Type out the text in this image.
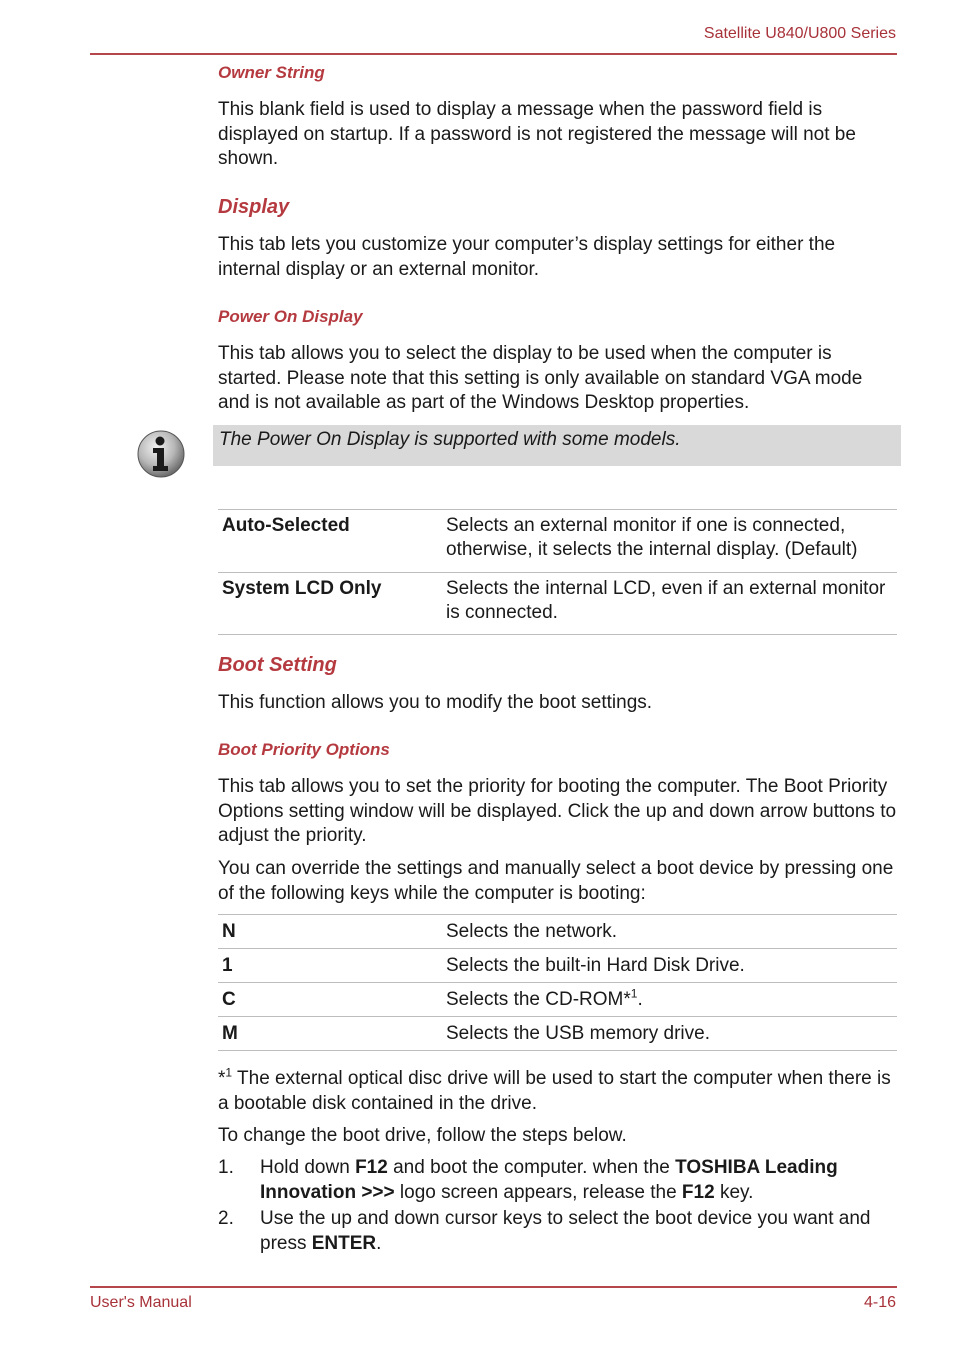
Satellite U840/U800 Series
Owner String
This blank field is used to display a message when the password field is displayed on startup. If a password is not registered the message will not be shown.
Display
This tab lets you customize your computer’s display settings for either the internal display or an external monitor.
Power On Display
This tab allows you to select the display to be used when the computer is started. Please note that this setting is only available on standard VGA mode and is not available as part of the Windows Desktop properties.
The Power On Display is supported with some models.
Auto-Selected	Selects an external monitor if one is connected, otherwise, it selects the internal display. (Default)
System LCD Only	Selects the internal LCD, even if an external monitor is connected.
Boot Setting
This function allows you to modify the boot settings.
Boot Priority Options
This tab allows you to set the priority for booting the computer. The Boot Priority Options setting window will be displayed. Click the up and down arrow buttons to adjust the priority.
You can override the settings and manually select a boot device by pressing one of the following keys while the computer is booting:
N	Selects the network.
1	Selects the built-in Hard Disk Drive.
C	Selects the CD-ROM*$^1$.
M	Selects the USB memory drive.
*$^1$ The external optical disc drive will be used to start the computer when there is a bootable disk contained in the drive.
To change the boot drive, follow the steps below.
1. Hold down F12 and boot the computer. when the TOSHIBA Leading Innovation >>> logo screen appears, release the F12 key.
2. Use the up and down cursor keys to select the boot device you want and press ENTER.
User's Manual	4-16
